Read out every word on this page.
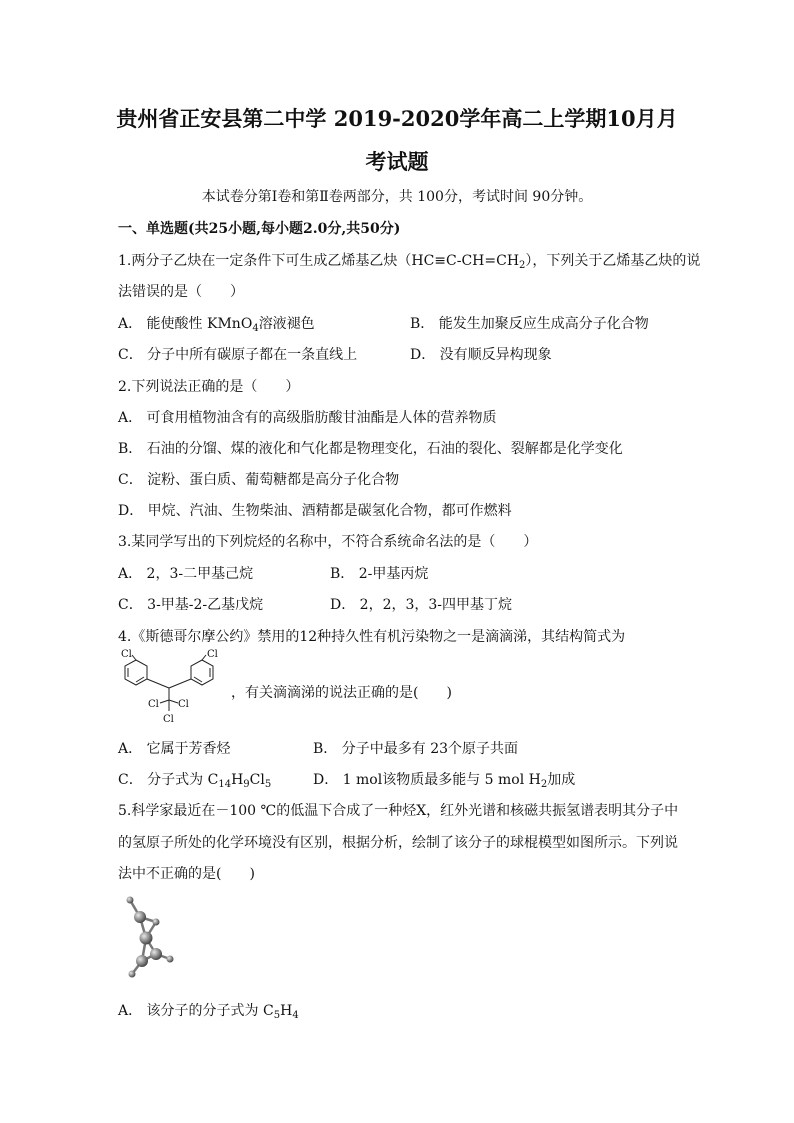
贵州省正安县第二中学 2019-2020学年高二上学期10月月
考试题
本试卷分第Ⅰ卷和第Ⅱ卷两部分，共 100分，考试时间 90分钟。
一、单选题(共25小题,每小题2.0分,共50分)
1.两分子乙炔在一定条件下可生成乙烯基乙炔$(HC\equiv C-CH=CH_2)$，下列关于乙烯基乙炔的说
法错误的是（　　）
A． 能使酸性 KMnO$_4$溶液褪色	B． 能发生加聚反应生成高分子化合物
C． 分子中所有碳原子都在一条直线上	D． 没有顺反异构现象
2.下列说法正确的是（　　）
A． 可食用植物油含有的高级脂肪酸甘油酯是人体的营养物质
B． 石油的分馏、煤的液化和气化都是物理变化，石油的裂化、裂解都是化学变化
C． 淀粉、蛋白质、葡萄糖都是高分子化合物
D． 甲烷、汽油、生物柴油、酒精都是碳氢化合物，都可作燃料
3.某同学写出的下列烷烃的名称中，不符合系统命名法的是（　　）
A． 2，3-二甲基己烷	B． 2-甲基丙烷
C． 3-甲基-2-乙基戊烷	D． 2，2，3，3-四甲基丁烷
4.《斯德哥尔摩公约》禁用的12种持久性有机污染物之一是滴滴涕，其结构简式为
Cl	Cl
Cl Cl
Cl
，有关滴滴涕的说法正确的是(　　)
A． 它属于芳香烃	B． 分子中最多有 23个原子共面
C． 分子式为 $C_{14}H_9Cl_5$	D． 1 mol该物质最多能与 5 mol $H_2$加成
5.科学家最近在－100 ℃的低温下合成了一种烃X，红外光谱和核磁共振氢谱表明其分子中
的氢原子所处的化学环境没有区别，根据分析，绘制了该分子的球棍模型如图所示。下列说
法中不正确的是(　　)
A． 该分子的分子式为 $C_5H_4$
